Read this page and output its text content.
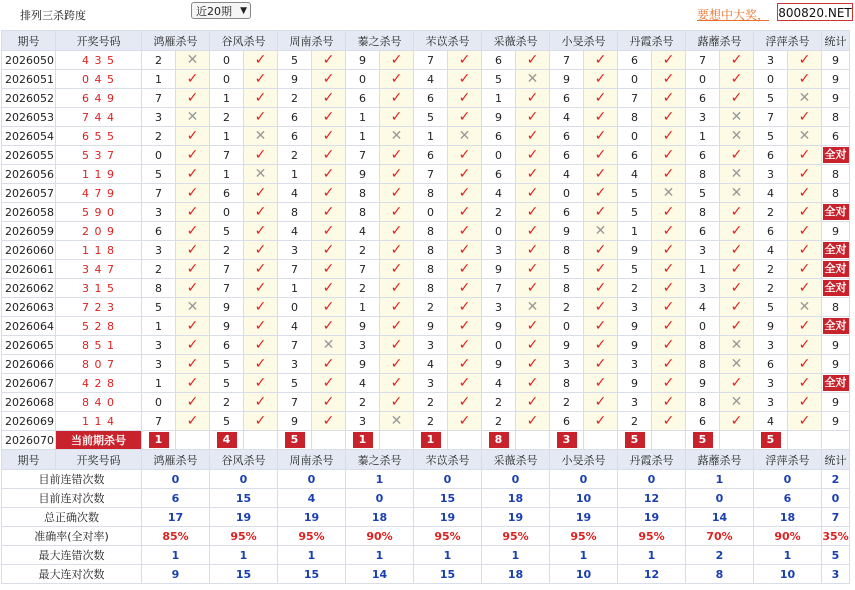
排列三杀跨度	近20期 ▼	要想中大奖， 800820.NET
期号	开奖号码	鸿雁杀号		谷风杀号		周南杀号		蓁之杀号		芣苡杀号		采薇杀号		小旻杀号		丹霞杀号		蕗蘼杀号		浮萍杀号		统计
2026050	4 3 5	2	✕	0	✓	5	✓	9	✓	7	✓	6	✓	7	✓	6	✓	7	✓	3	✓	9
2026051	0 4 5	1	✓	0	✓	9	✓	0	✓	4	✓	5	✕	9	✓	0	✓	0	✓	0	✓	9
2026052	6 4 9	7	✓	1	✓	2	✓	6	✓	6	✓	1	✓	6	✓	7	✓	6	✓	5	✕	9
2026053	7 4 4	3	✕	2	✓	6	✓	1	✓	5	✓	9	✓	4	✓	8	✓	3	✕	7	✓	8
2026054	6 5 5	2	✓	1	✕	6	✓	1	✕	1	✕	6	✓	6	✓	0	✓	1	✕	5	✕	6
2026055	5 3 7	0	✓	7	✓	2	✓	7	✓	6	✓	0	✓	6	✓	6	✓	6	✓	6	✓	全对
2026056	1 1 9	5	✓	1	✕	1	✓	9	✓	7	✓	6	✓	4	✓	4	✓	8	✕	3	✓	8
2026057	4 7 9	7	✓	6	✓	4	✓	8	✓	8	✓	4	✓	0	✓	5	✕	5	✕	4	✓	8
2026058	5 9 0	3	✓	0	✓	8	✓	8	✓	0	✓	2	✓	6	✓	5	✓	8	✓	2	✓	全对
2026059	2 0 9	6	✓	5	✓	4	✓	4	✓	8	✓	0	✓	9	✕	1	✓	6	✓	6	✓	9
2026060	1 1 8	3	✓	2	✓	3	✓	2	✓	8	✓	3	✓	8	✓	9	✓	3	✓	4	✓	全对
2026061	3 4 7	2	✓	7	✓	7	✓	7	✓	8	✓	9	✓	5	✓	5	✓	1	✓	2	✓	全对
2026062	3 1 5	8	✓	7	✓	1	✓	2	✓	8	✓	7	✓	8	✓	2	✓	3	✓	2	✓	全对
2026063	7 2 3	5	✕	9	✓	0	✓	1	✓	2	✓	3	✕	2	✓	3	✓	4	✓	5	✕	8
2026064	5 2 8	1	✓	9	✓	4	✓	9	✓	9	✓	9	✓	0	✓	9	✓	0	✓	9	✓	全对
2026065	8 5 1	3	✓	6	✓	7	✕	3	✓	3	✓	0	✓	9	✓	9	✓	8	✕	3	✓	9
2026066	8 0 7	3	✓	5	✓	3	✓	9	✓	4	✓	9	✓	3	✓	3	✓	8	✕	6	✓	9
2026067	4 2 8	1	✓	5	✓	5	✓	4	✓	3	✓	4	✓	8	✓	9	✓	9	✓	3	✓	全对
2026068	8 4 0	0	✓	2	✓	7	✓	2	✓	2	✓	2	✓	2	✓	3	✓	8	✕	3	✓	9
2026069	1 1 4	7	✓	5	✓	9	✓	3	✕	2	✓	2	✓	6	✓	2	✓	6	✓	4	✓	9
2026070	当前期杀号	1		4		5		1		1		8		3		5		5		5		
期号	开奖号码	鸿雁杀号		谷风杀号		周南杀号		蓁之杀号		芣苡杀号		采薇杀号		小旻杀号		丹霞杀号		蕗蘼杀号		浮萍杀号		统计
目前连错次数		0		0		0		1		0		0		0		0		1		0		2
目前连对次数		6		15		4		0		15		18		10		12		0		6		0
总正确次数		17		19		19		18		19		19		19		19		14		18		7
准确率(全对率)		85%		95%		95%		90%		95%		95%		95%		95%		70%		90%		35%
最大连错次数		1		1		1		1		1		1		1		1		2		1		5
最大连对次数		9		15		15		14		15		18		10		12		8		10		3
